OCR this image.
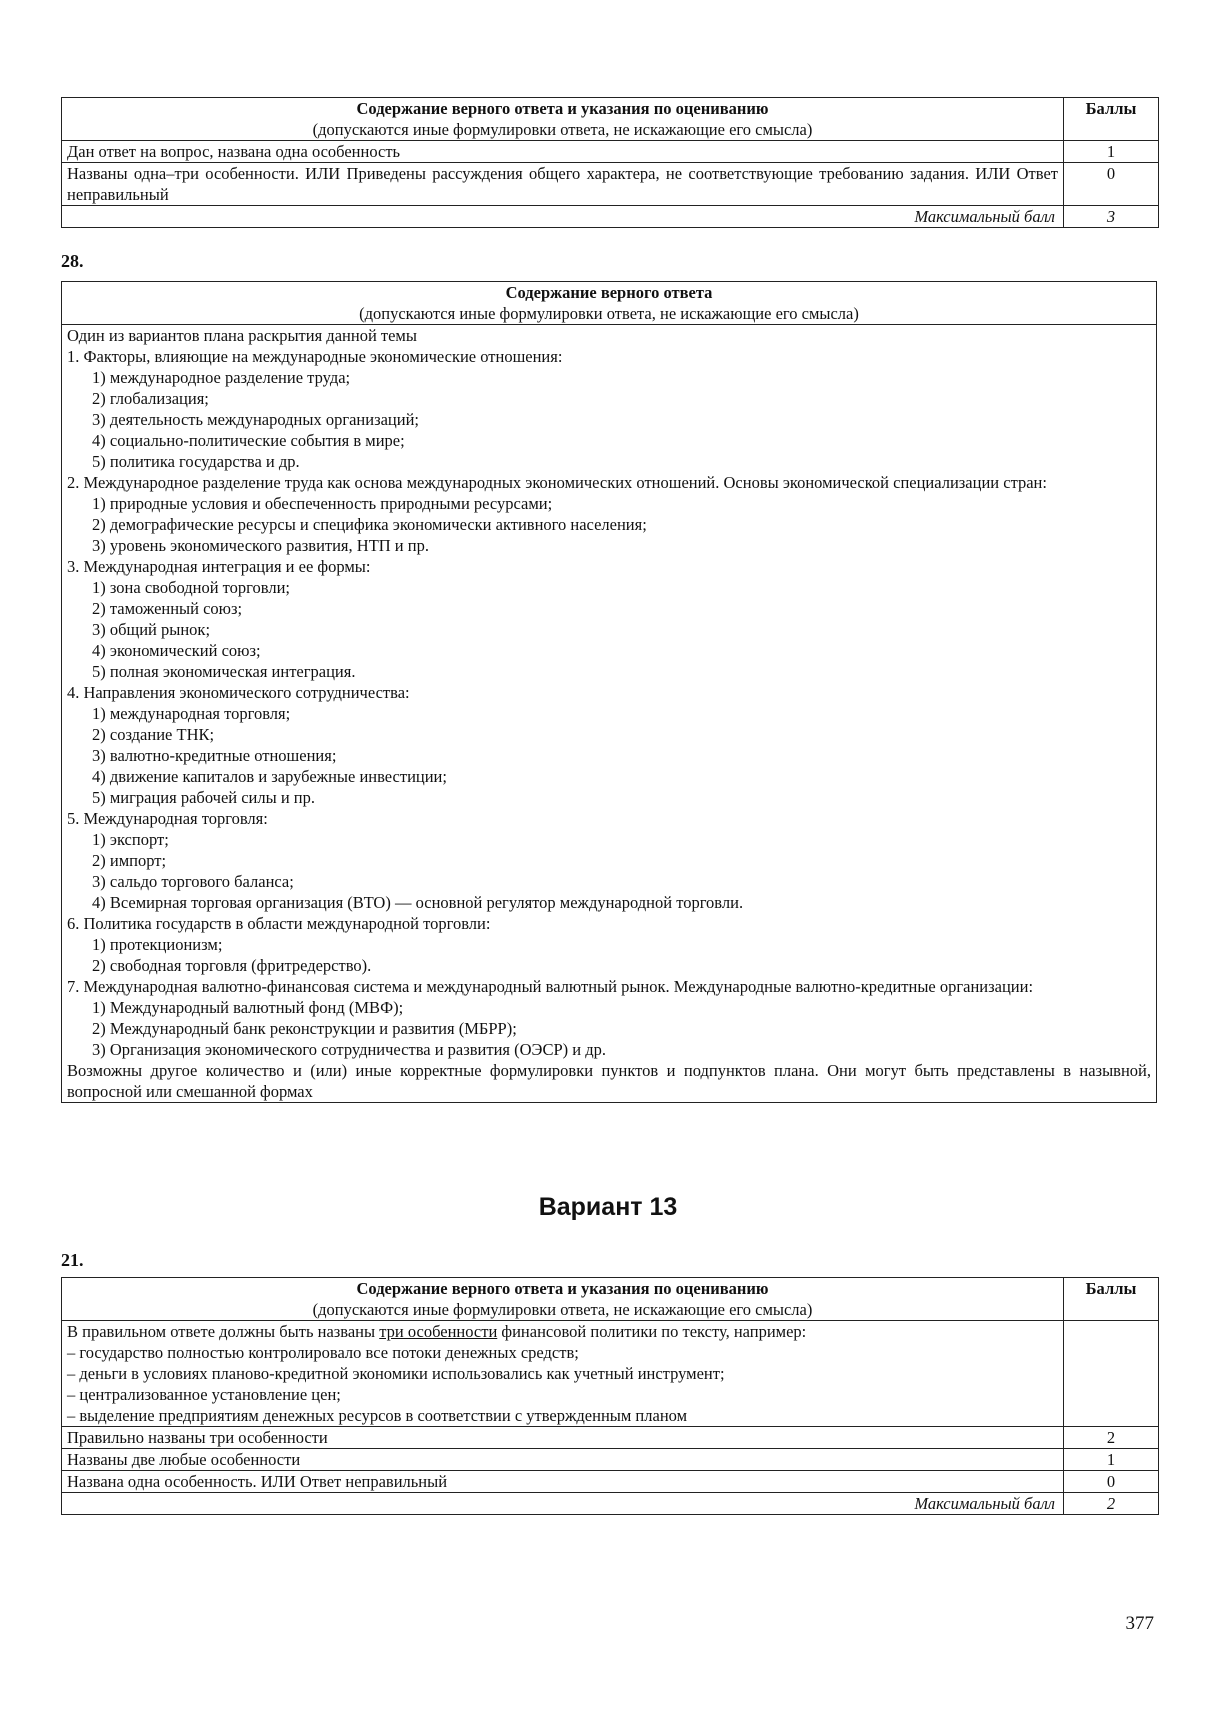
Содержание верного ответа и указания по оцениванию
(допускаются иные формулировки ответа, не искажающие его смысла)	Баллы
Дан ответ на вопрос, названа одна особенность	1
Названы одна–три особенности. ИЛИ Приведены рассуждения общего характера, не соответствующие требованию задания. ИЛИ Ответ неправильный	0
Максимальный балл	3
28.
Содержание верного ответа
(допускаются иные формулировки ответа, не искажающие его смысла)

Один из вариантов плана раскрытия данной темы
1. Факторы, влияющие на международные экономические отношения:
1) международное разделение труда;
2) глобализация;
3) деятельность международных организаций;
4) социально-политические события в мире;
5) политика государства и др.
2. Международное разделение труда как основа международных экономических отношений. Основы экономической специализации стран:
1) природные условия и обеспеченность природными ресурсами;
2) демографические ресурсы и специфика экономически активного населения;
3) уровень экономического развития, НТП и пр.
3. Международная интеграция и ее формы:
1) зона свободной торговли;
2) таможенный союз;
3) общий рынок;
4) экономический союз;
5) полная экономическая интеграция.
4. Направления экономического сотрудничества:
1) международная торговля;
2) создание ТНК;
3) валютно-кредитные отношения;
4) движение капиталов и зарубежные инвестиции;
5) миграция рабочей силы и пр.
5. Международная торговля:
1) экспорт;
2) импорт;
3) сальдо торгового баланса;
4) Всемирная торговая организация (ВТО) — основной регулятор международной торговли.
6. Политика государств в области международной торговли:
1) протекционизм;
2) свободная торговля (фритредерство).
7. Международная валютно-финансовая система и международный валютный рынок. Международные валютно-кредитные организации:
1) Международный валютный фонд (МВФ);
2) Международный банк реконструкции и развития (МБРР);
3) Организация экономического сотрудничества и развития (ОЭСР) и др.
Возможны другое количество и (или) иные корректные формулировки пунктов и подпунктов плана. Они могут быть представлены в назывной, вопросной или смешанной формах
Вариант 13
21.
Содержание верного ответа и указания по оцениванию
(допускаются иные формулировки ответа, не искажающие его смысла)	Баллы
В правильном ответе должны быть названы три особенности финансовой политики по тексту, например:
– государство полностью контролировало все потоки денежных средств;
– деньги в условиях планово-кредитной экономики использовались как учетный инструмент;
– централизованное установление цен;
– выделение предприятиям денежных ресурсов в соответствии с утвержденным планом	

Правильно названы три особенности	2
Названы две любые особенности	1
Названа одна особенность. ИЛИ Ответ неправильный	0
Максимальный балл	2
377
